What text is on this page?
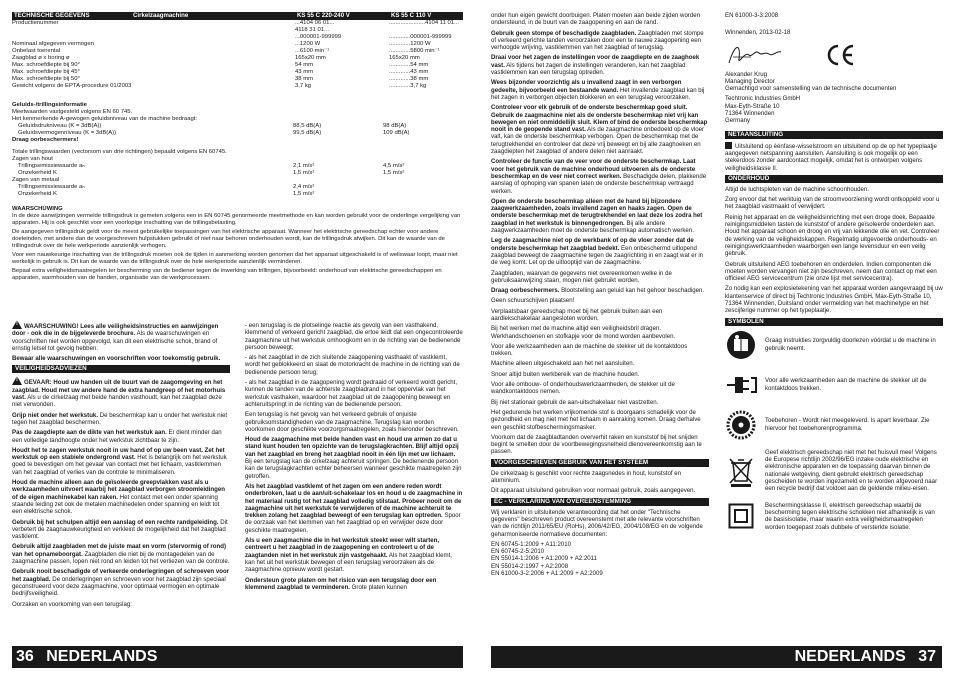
TECHNISCHE GEGEVENS	Cirkelzaagmachine	KS 55 C 220-240 V	KS 55 C 110 V
Productienummer		...4104 06 01...	......................4104 11 01...
		4118 31 01...	
		...000001-999999	.............000001-999999
Nominaal afgegeven vermogen		...1200 W	.............1200 W
Onbelast toerental		...6100 min⁻¹	.............5800 min⁻¹
Zaagblad ø x boring ø		165x20 mm	165x20 mm
Max. schroefdiepte bij 90°		54 mm	.............54 mm
Max. schroefdiepte bij 45°		43 mm	.............43 mm
Max. schroefdiepte bij 50°		38 mm	.............38 mm
Gewicht volgens de EPTA-procedure 01/2003		3,7 kg	.............3,7 kg
Geluids-/trillingsinformatie
Meetwaarden vastgesteld volgens EN 60 745.
Het kenmerkende A-gewogen geluidsniveau van de machine bedraagt:
Geluidsdrukniveau (K = 3dB(A))	88,5 dB(A)	98 dB(A)
Geluidsvermogenniveau (K = 3dB(A))	99,5 dB(A)	109 dB(A)
Draag oorbeschermers!
Totale trillingswaarden (vectorsom van drie richtingen) bepaald volgens EN 60745.
Zagen van hout
Trillingsemissiewaarde aₕ	2,1 m/s²	4,5 m/s²
Onzekerheid K	1,5 m/s²	1,5 m/s²
Zagen van metaal
Trillingsemissiewaarde aₕ	2,4 m/s²	
Onzekerheid K	1,5 m/s²	
WAARSCHUWING

In de deze aanwijzingen vermelde trillingsdruk is gemeten volgens een in EN 60745 genormeerde meetmethode en kan worden gebruikt voor de onderlinge vergelijking van apparaten. Hij is ook geschikt voor een voorlopige inschatting van de trillingsbelasting.

De aangegeven trillingsdruk geldt voor de meest gebruikelijke toepassingen van het elektrische apparaat. Wanneer het elektrische gereedschap echter voor andere doeleinden, met andere dan de voorgeschreven hulpstukken gebruikt of niet naar behoren onderhouden wordt, kan de trillingsdruk afwijken. Dit kan de waarde van de trillingsdruk over de hele werkperiode aanzienlijk verhogen.

Voor een nauwkeurige inschatting van de trillingsdruk moeten ook de tijden in aanmerking worden genomen dat het apparaat uitgeschakeld is of weliswaar loopt, maar niet werkelijk in gebruik is. Dit kan de waarde van de trillingsdruk over de hele werkperiode aanzienlijk verminderen.

Bepaal extra veiligheidsmaatregelen ter bescherming van de bediener tegen de inwerking van trillingen, bijvoorbeeld: onderhoud van elektrische gereedschappen en apparaten, warmhouden van de handen, organisatie van de werkprocessen.

!WAARSCHUWING! Lees alle veiligheidsinstructies en aanwijzingen door - ook die in de bijgeleverde brochure. Als de waarschuwingen en voorschriften niet worden opgevolgd, kan dit een elektrische schok, brand of ernstig letsel tot gevolg hebben.

Bewaar alle waarschuwingen en voorschriften voor toekomstig gebruik.

VEILIGHEIDSADVIEZEN

!GEVAAR: Houd uw handen uit de buurt van de zaagomgeving en het zaagblad. Houd met uw andere hand de extra handgreep of het motorhuis vast. Als u de cirkelzaag met beide handen vasthoudt, kan het zaagblad deze niet verwonden.

Grijp niet onder het werkstuk. De beschermkap kan u onder het werkstuk niet tegen het zaagblad beschermen.

Pas de zaagdiepte aan de dikte van het werkstuk aan. Er dient minder dan een volledige tandhoogte onder het werkstuk zichtbaar te zijn.

Houdt het te zagen werkstuk nooit in uw hand of op uw been vast. Zet het werkstuk op een stabiele ondergrond vast. Het is belangrijk om het werkstuk goed te bevestigen om het gevaar van contact met het lichaam, vastklemmen van het zaagblad of verlies van de controle te minimaliseren.

Houd de machine alleen aan de geïsoleerde greepvlakken vast als u werkzaamheden uitvoert waarbij het zaagblad verborgen stroomleidingen of de eigen machinekabel kan raken. Het contact met een onder spanning staande leiding zet ook de metalen machinedelen onder spanning en leidt tot een elektrische schok.

Gebruik bij het schulpen altijd een aanslag of een rechte randgeleiding. Dit verbetert de zaagnauwkeurigheid en verkleint de mogelijkheid dat het zaagblad vastklemt.

Gebruik altijd zaagbladen met de juiste maat en vorm (stervormig of rond) van het opnameboorgat. Zaagbladen die niet bij de montagedelen van de zaagmachine passen, lopen niet rond en leiden tot het verliezen van de controle.

Gebruik nooit beschadigde of verkeerde onderlegringen of schroeven voor het zaagblad. De onderlegringen en schroeven voor het zaagblad zijn speciaal geconstrueerd voor deze zaagmachine, voor optimaal vermogen en optimale bedrijfsveiligheid.

Oorzaken en voorkoming van een terugslag:

- een terugslag is de plotselinge reactie als gevolg van een vasthakend, klemmend of verkeerd gericht zaagblad, die ertoe leidt dat een ongecontroleerde zaagmachine uit het werkstuk omhoogkomt en in de richting van de bedienende persoon beweegt;

- als het zaagblad in de zich sluitende zaagopening vasthaakt of vastklemt, wordt het geblokkeerd en slaat de motorkracht de machine in de richting van de bedienende persoon terug;

- als het zaagblad in de zaagopening wordt gedraaid of verkeerd wordt gericht, kunnen de tanden van de achterste zaagbladrand in het oppervlak van het werkstuk vasthaken, waardoor het zaagblad uit de zaagopening beweegt en achteruitspringt in de richting van de bedienende persoon.

Een terugslag is het gevolg van het verkeerd gebruik of onjuiste gebruiksomstandigheden van de zaagmachine. Terugslag kan worden voorkomen door geschikte voorzorgsmaatregelen, zoals hieronder beschreven.

Houd de zaagmachine met beide handen vast en houd uw armen zo dat u stand kunt houden ten opzichte van de terugslagkrachten. Blijf altijd opzij van het zaagblad en breng het zaagblad nooit in één lijn met uw lichaam. Bij een terugslag kan de cirkelzaag achteruit springen. De bedienende persoon kan de terugslagkrachten echter beheersen wanneer geschikte maatregelen zijn getroffen.

Als het zaagblad vastklemt of het zagen om een andere reden wordt onderbroken, laat u de aan/uit-schakelaar los en houd u de zaagmachine in het materiaal rustig tot het zaagblad volledig stilstaat. Probeer nooit om de zaagmachine uit het werkstuk te verwijderen of de machine achteruit te trekken zolang het zaagblad beweegt of een terugslag kan optreden. Spoor de oorzaak van het klemmen van het zaagblad op en verwijder deze door geschikte maatregelen.

Als u een zaagmachine die in het werkstuk steekt weer wilt starten, centreert u het zaagblad in de zaagopening en controleert u of de zaagtanden niet in het werkstuk zijn vastgehaakt. Als het zaagblad klemt, kan het uit het werkstuk bewegen of een terugslag veroorzaken als de zaagmachine opnieuw wordt gestart.

Ondersteun grote platen om het risico van een terugslag door een klemmend zaagblad te verminderen. Grote platen kunnen

36 NEDERLANDS

onder hun eigen gewicht doorbuigen. Platen moeten aan beide zijden worden ondersteund, in de buurt van de zaagopening en aan de rand.

Gebruik geen stompe of beschadigde zaagbladen. Zaagbladen met stompe of verkeerd gerichte tanden veroorzaken door een te nauwe zaagopening een verhoogde wrijving, vastklemmen van het zaagblad of terugslag.

Draai voor het zagen de instellingen voor de zaagdiepte en de zaaghoek vast. Als tijdens het zagen de instellingen veranderen, kan het zaagblad vastklemmen kan een terugslag optreden.

Wees bijzonder voorzichtig als u invallend zaagt in een verborgen gedeelte, bijvoorbeeld een bestaande wand. Het invallende zaagblad kan bij het zagen in verborgen objecten blokkeren en een terugslag veroorzaken.

Controleer voor elk gebruik of de onderste beschermkap goed sluit. Gebruik de zaagmachine niet als de onderste beschermkap niet vrij kan bewegen en niet onmiddellijk sluit. Klem of bind de onderste beschermkap nooit in de geopende stand vast. Als de zaagmachine onbedoeld op de vloer valt, kan de onderste beschermkap verbogen. Open de beschermkap met de terugtrekhendel en controleer dat deze vrij beweegt en bij alle zaaghoeken en zaagdiepten het zaagblad of andere delen niet aanraakt.

Controleer de functie van de veer voor de onderste beschermkap. Laat voor het gebruik van de machine onderhoud uitvoeren als de onderste beschermkap en de veer niet correct werken. Beschadigde delen, plakkende aanslag of ophoping van spanen laten de onderste beschermkap vertraagd werken.

Open de onderste beschermkap alleen met de hand bij bijzondere zaagwerkzaamheden, zoals invallend zagen en haaks zagen. Open de onderste beschermkap met de terugtrekhendel en laat deze los zodra het zaagblad in het werkstuk is binnengedrongen. Bij alle andere zaagwerkzaamheden moet de onderste beschermkap automatisch werken.

Leg de zaagmachine niet op de werkbank of op de vloer zonder dat de onderste beschermkap het zaagblad bedekt. Een onbeschermd uitlopend zaagblad beweegt de zaagmachine tegen de zaagrichting in en zaagt wat er in de weg komt. Let op de uitlooptijd van de zaagmachine.

Zaagbladen, waarvan de gegevens niet overeenkomen welke in de gebruiksaanwijzing staan, mogen niet gebruikt worden.

Draag oorbeschermers. Blootstelling aan geluid kan het gehoor beschadigen.

Geen schuurschijven plaatsen!

Verplaatsbaar gereedschap moet bij het gebruik buiten aan een aardlekschakelaar aangesloten worden.

Bij het werken met de machine altijd een veiligheidsbril dragen. Werkhandschoenen en stofkapje voor de mond worden aanbevolen.

Voor alle werkzaamheden aan de machine de stekker uit de kontaktdoos trekken.

Machine alleen uitgeschakeld aan het net aansluiten.

Snoer altijd buiten werkbereik van de machine houden.

Voor alle ombouw- of onderhoudswerkzaamheden, de stekker uit de wandkontaktdoos nemen.

Bij niet stationair gebruik de aan-uitschakelaar niet vastzetten.

Het gedurende het werken vrijkomende stof is doorgaans schadelijk voor de gezondheid en mag niet met het lichaam in aanraking komen. Draag derhalve een geschikt stofbeschermingsmasker.

Voorkom dat de zaagbladtanden oververhit raken en kunststof bij het snijden begint te smelten door de voortbewegingssnelheid dienovereenkomstig aan te passen.

VOORGESCHREVEN GEBRUIK VAN HET SYSTEEM

De cirkelzaag is geschikt voor rechte zaagsnedes in hout, kunststof en aluminium.

Dit apparaat uitsluitend gebruiken voor normaal gebruik, zoals aangegeven.

EC - VERKLARING VAN OVEREENSTEMMING

Wij verklaren in uitsluitende verantwoording dat het onder "Technische gegevens" beschreven product overeenstemt met alle relevante voorschriften van de richtlijn 2011/65/EU (RoHs), 2006/42/EG, 2004/108/EG en de volgende geharmoniseerde normatieve documenten:

EN 60745-1:2009 + A11:2010
EN 60745-2-5:2010
EN 55014-1:2006 + A1:2009 + A2:2011
EN 55014-2:1997 + A2:2008
EN 61000-3-2:2006 + A1:2009 + A2:2009
EN 61000-3-3:2008
Winnenden, 2013-02-18
Alexander Krug
Managing Director
Gemachtigd voor samenstelling van de technische documenten
Techtronic Industries GmbH
Max-Eyth-Straße 10
71364 Winnenden
Germany
NETAANSLUITING

Uitsluitend op éénfase-wisselstroom en uitsluitend op de op het typeplaatje aangegeven netspanning aansluiten. Aansluiting is ook mogelijk op een stekerdoos zonder aardcontact mogelijk, omdat het is ontworpen volgens veiligheidsklasse II.

ONDERHOUD

Altijd de luchtspleten van de machine schoonhouden.

Zorg ervoor dat het werktuig van de stroomvoorziening wordt ontkoppeld voor u het zaagblad vastmaakt of verwijdert.

Reinig het apparaat en de veiligheidsinrichting met een droge doek. Bepaalde reinigingsmiddelen tasten de kunststof of andere geïsoleerde onderdelen aan. Houd het apparaat schoon en droog en vrij van lekkende olie en vet. Controleer de werking van de veiligheidskappen. Regelmatig uitgevoerde onderhouds- en reinigingswerkzaamheden waarborgen een lange levensduur en een veilig gebruik.

Gebruik uitsluitend AEG toebehoren en onderdelen. Indien componenten die moeten worden vervangen niet zijn beschreven, neem dan contact op met een officieel AEG servicecentrum (zie onze lijst met servicecentra).

Zo nodig kan een explosietekening van het apparaat worden aangevraagd bij uw klantenservice of direct bij Techtronic Industries GmbH, Max-Eyth-Straße 10, 71364 Winnenden, Duitsland onder vermelding van het machinetype en het zescijferige nummer op het typeplaatje.

SYMBOLEN
Graag instrukties zorgvuldig doorlezen vóórdat u de machine in gebruik neemt.
Voor alle werkzaamheden aan de machine de stekker uit de kontaktdoos trekken.
Toebehoren - Wordt niet meegeleverd. Is apart leverbaar. Zie hiervoor het toebehorenprogramma.
Geef elektrisch gereedschap niet met het huisvuil mee! Volgens de Europese richtlijn 2002/96/EG inzake oude elektrische en elektronische apparaten en de toepassing daarvan binnen de nationale wetgeving, dient gebruikt elektrisch gereedschap gescheiden te worden ingezameld en te worden afgevoerd naar een recycle bedrijf dat voldoet aan de geldende milieu-eisen.
Beschermingsklasse II, elektrisch gereedschap waarbij de bescherming tegen elektrische schokken niet afhankelijk is van de basisisolatie, maar waarin extra veiligheidsmaatregelen worden toegepast zoals dubbele of versterkte isolatie.
NEDERLANDS 37
